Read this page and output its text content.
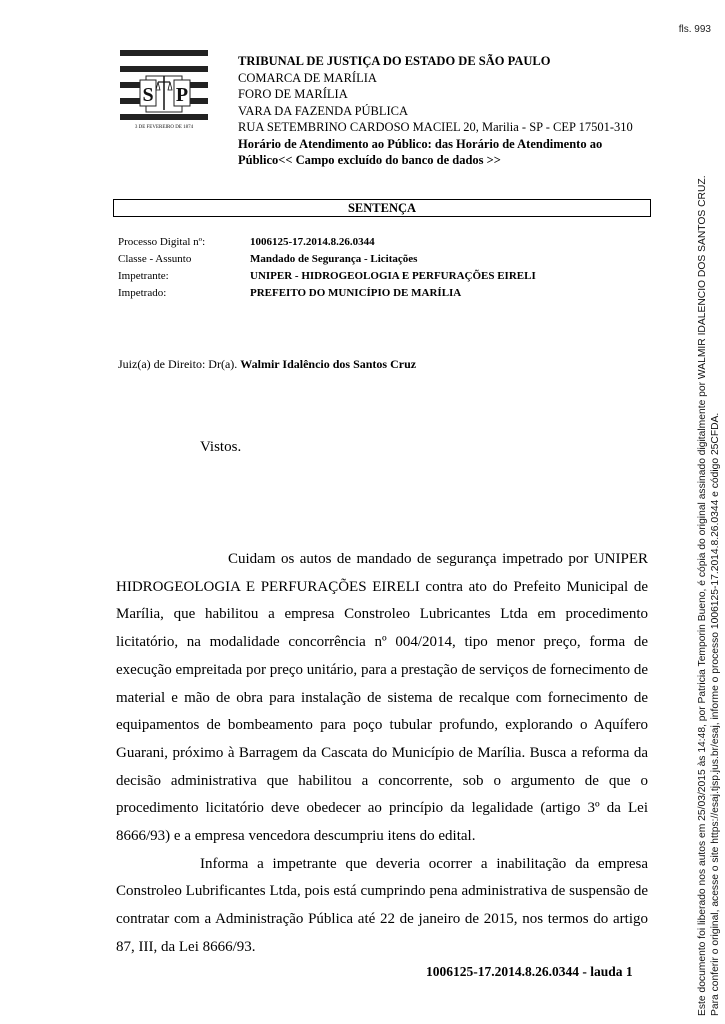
fls. 993
S P
TRIBUNAL DE JUSTIÇA
3 DE FEVEREIRO DE 1874
TRIBUNAL DE JUSTIÇA DO ESTADO DE SÃO PAULO
COMARCA DE MARÍLIA
FORO DE MARÍLIA
VARA DA FAZENDA PÚBLICA
RUA SETEMBRINO CARDOSO MACIEL 20, Marilia - SP - CEP 17501-310
Horário de Atendimento ao Público: das Horário de Atendimento ao Público<< Campo excluído do banco de dados >>
SENTENÇA
Processo Digital nº:	1006125-17.2014.8.26.0344
Classe - Assunto	Mandado de Segurança - Licitações
Impetrante:	UNIPER - HIDROGEOLOGIA E PERFURAÇÕES EIRELI
Impetrado:	PREFEITO DO MUNICÍPIO DE MARÍLIA
Juiz(a) de Direito: Dr(a). Walmir Idalêncio dos Santos Cruz
Vistos.

Cuidam os autos de mandado de segurança impetrado por UNIPER HIDROGEOLOGIA E PERFURAÇÕES EIRELI contra ato do Prefeito Municipal de Marília, que habilitou a empresa Constroleo Lubricantes Ltda em procedimento licitatório, na modalidade concorrência nº 004/2014, tipo menor preço, forma de execução empreitada por preço unitário, para a prestação de serviços de fornecimento de material e mão de obra para instalação de sistema de recalque com fornecimento de equipamentos de bombeamento para poço tubular profundo, explorando o Aquífero Guarani, próximo à Barragem da Cascata do Município de Marília. Busca a reforma da decisão administrativa que habilitou a concorrente, sob o argumento de que o procedimento licitatório deve obedecer ao princípio da legalidade (artigo 3º da Lei 8666/93) e a empresa vencedora descumpriu itens do edital.

Informa a impetrante que deveria ocorrer a inabilitação da empresa Constroleo Lubrificantes Ltda, pois está cumprindo pena administrativa de suspensão de contratar com a Administração Pública até 22 de janeiro de 2015, nos termos do artigo 87, III, da Lei 8666/93.

1006125-17.2014.8.26.0344 - lauda 1	Este documento foi liberado nos autos em 25/03/2015 às 14:48, por Patricia Temporin Bueno, é cópia do original assinado digitalmente por WALMIR IDALENCIO DOS SANTOS CRUZ. Para conferir o original, acesse o site https://esaj.tjsp.jus.br/esaj, informe o processo 1006125-17.2014.8.26.0344 e código 25CFDA.
